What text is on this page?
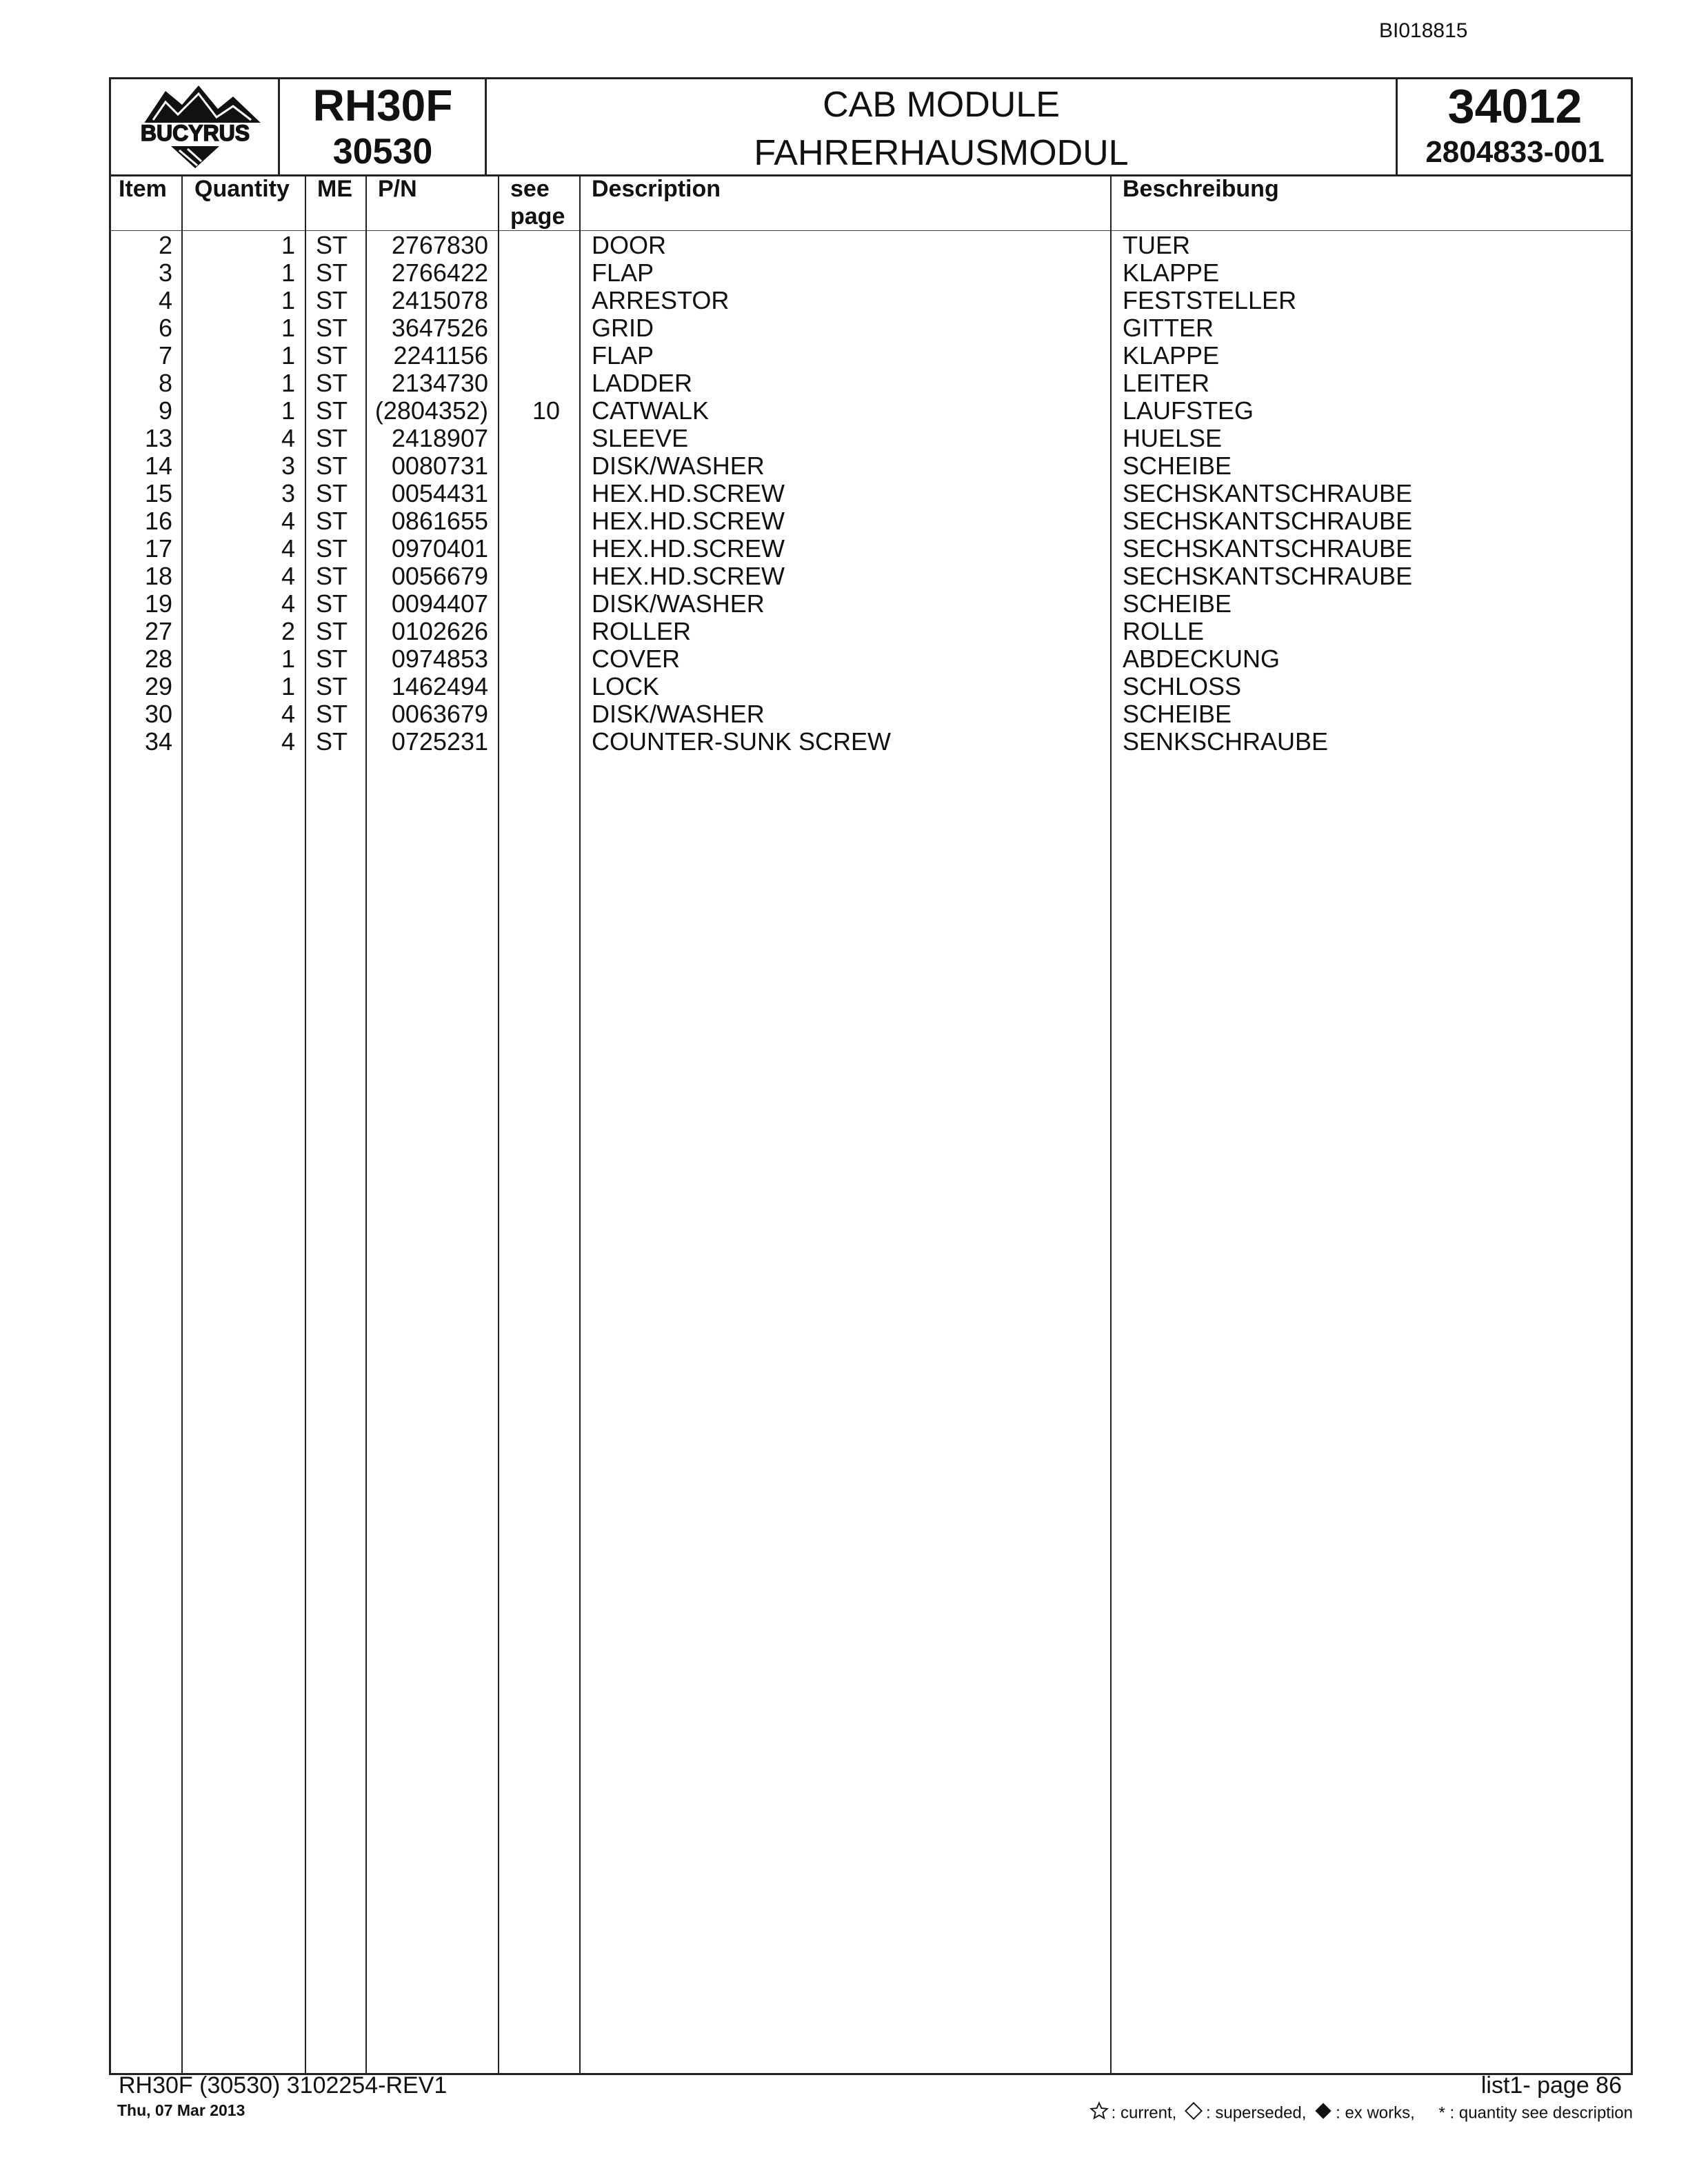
BI018815
BUCYRUS
RH30F
30530
CAB MODULE
FAHRERHAUSMODUL
34012
2804833-001
Item Quantity ME P/N	see
page
Description	Beschreibung
2	1 ST 2767830	DOOR	TUER
3	1 ST 2766422	FLAP	KLAPPE
4	1 ST 2415078	ARRESTOR	FESTSTELLER
6	1 ST 3647526	GRID	GITTER
7	1 ST 2241156	FLAP	KLAPPE
8	1 ST 2134730	LADDER	LEITER
9	1 ST (2804352)	10	CATWALK	LAUFSTEG
13	4 ST 2418907	SLEEVE	HUELSE
14	3 ST 0080731	DISK/WASHER	SCHEIBE
15	3 ST 0054431	HEX.HD.SCREW	SECHSKANTSCHRAUBE
16	4 ST 0861655	HEX.HD.SCREW	SECHSKANTSCHRAUBE
17	4 ST 0970401	HEX.HD.SCREW	SECHSKANTSCHRAUBE
18	4 ST 0056679	HEX.HD.SCREW	SECHSKANTSCHRAUBE
19	4 ST 0094407	DISK/WASHER	SCHEIBE
27	2 ST 0102626	ROLLER	ROLLE
28	1 ST 0974853	COVER	ABDECKUNG
29	1 ST 1462494	LOCK	SCHLOSS
30	4 ST 0063679	DISK/WASHER	SCHEIBE
34	4 ST 0725231	COUNTER-SUNK SCREW	SENKSCHRAUBE
RH30F (30530) 3102254-REV1
Thu, 07 Mar 2013
list1- page 86
: current, : superseded, : ex works, * : quantity see description
